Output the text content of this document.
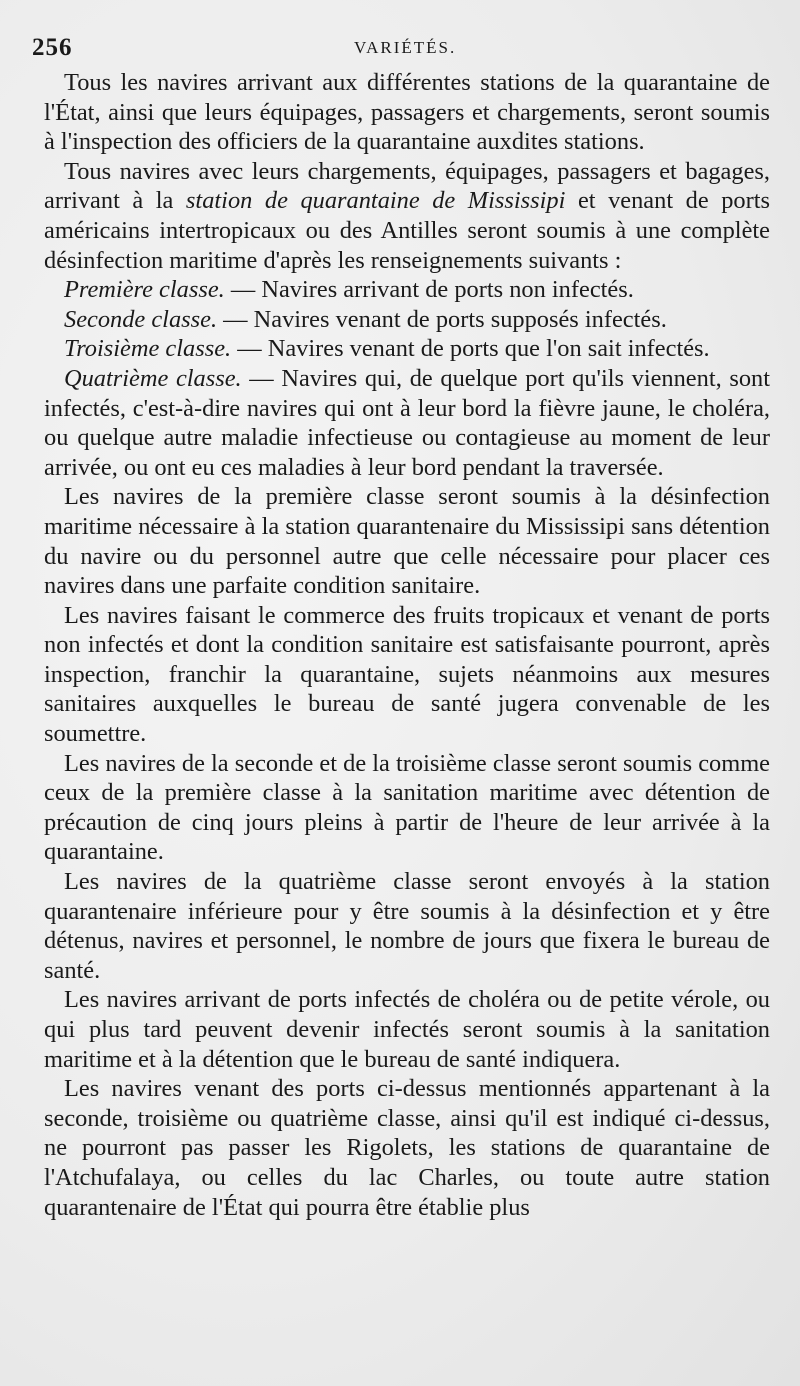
256	VARIÉTÉS.

Tous les navires arrivant aux différentes stations de la quarantaine de l'État, ainsi que leurs équipages, passagers et chargements, seront soumis à l'inspection des officiers de la quarantaine auxdites stations.

Tous navires avec leurs chargements, équipages, passagers et bagages, arrivant à la station de quarantaine de Mississipi et venant de ports américains intertropicaux ou des Antilles seront soumis à une complète désinfection maritime d'après les renseignements suivants :

Première classe. — Navires arrivant de ports non infectés.

Seconde classe. — Navires venant de ports supposés infectés.

Troisième classe. — Navires venant de ports que l'on sait infectés.

Quatrième classe. — Navires qui, de quelque port qu'ils viennent, sont infectés, c'est-à-dire navires qui ont à leur bord la fièvre jaune, le choléra, ou quelque autre maladie infectieuse ou contagieuse au moment de leur arrivée, ou ont eu ces maladies à leur bord pendant la traversée.

Les navires de la première classe seront soumis à la désinfection maritime nécessaire à la station quarantenaire du Mississipi sans détention du navire ou du personnel autre que celle nécessaire pour placer ces navires dans une parfaite condition sanitaire.

Les navires faisant le commerce des fruits tropicaux et venant de ports non infectés et dont la condition sanitaire est satisfaisante pourront, après inspection, franchir la quarantaine, sujets néanmoins aux mesures sanitaires auxquelles le bureau de santé jugera convenable de les soumettre.

Les navires de la seconde et de la troisième classe seront soumis comme ceux de la première classe à la sanitation maritime avec détention de précaution de cinq jours pleins à partir de l'heure de leur arrivée à la quarantaine.

Les navires de la quatrième classe seront envoyés à la station quarantenaire inférieure pour y être soumis à la désinfection et y être détenus, navires et personnel, le nombre de jours que fixera le bureau de santé.

Les navires arrivant de ports infectés de choléra ou de petite vérole, ou qui plus tard peuvent devenir infectés seront soumis à la sanitation maritime et à la détention que le bureau de santé indiquera.

Les navires venant des ports ci-dessus mentionnés appartenant à la seconde, troisième ou quatrième classe, ainsi qu'il est indiqué ci-dessus, ne pourront pas passer les Rigolets, les stations de quarantaine de l'Atchufalaya, ou celles du lac Charles, ou toute autre station quarantenaire de l'État qui pourra être établie plus
